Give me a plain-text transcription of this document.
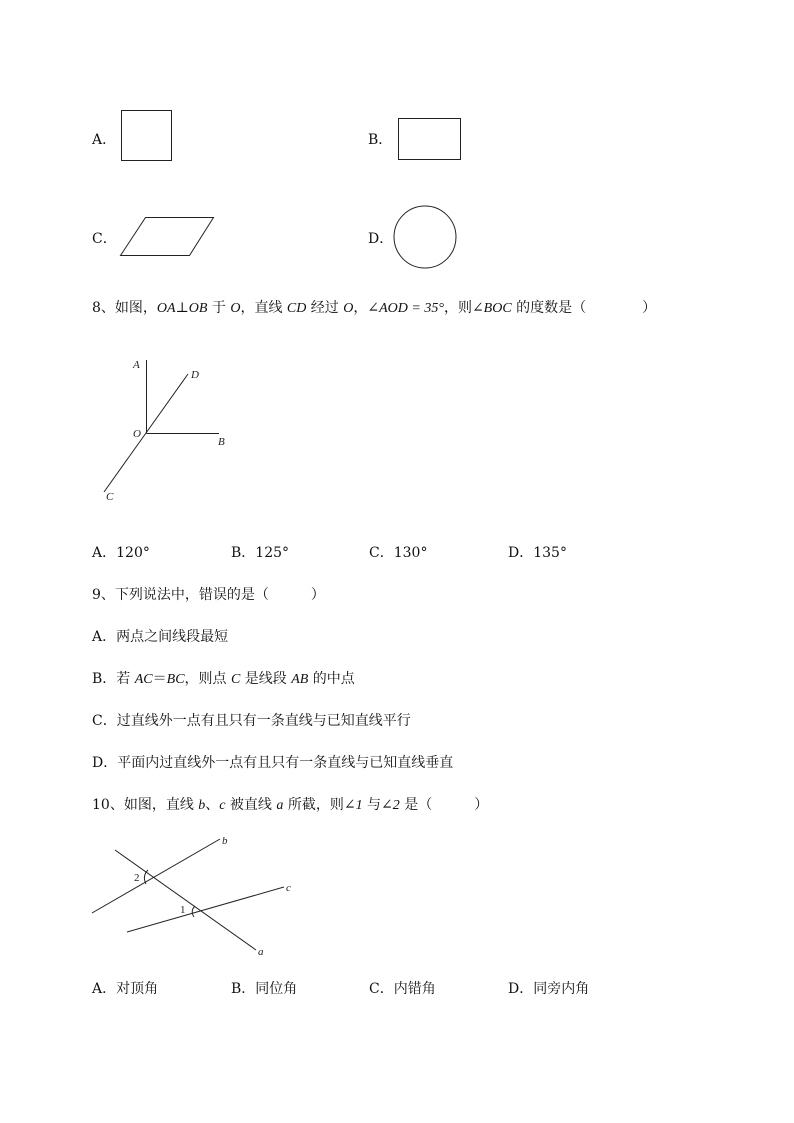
A．	B．
C．	D．
8、如图，OA⊥OB 于 O，直线 CD 经过 O，∠AOD = 35°，则∠BOC 的度数是（　　　　）
A
D
O
B
C
A．120°	B．125°	C．130°	D．135°
9、下列说法中，错误的是（　　　）
A．两点之间线段最短
B．若 AC＝BC，则点 C 是线段 AB 的中点
C．过直线外一点有且只有一条直线与已知直线平行
D．平面内过直线外一点有且只有一条直线与已知直线垂直
10、如图，直线 b、c 被直线 a 所截，则∠1 与∠2 是（　　　）
b
c
a
2
1
A．对顶角	B．同位角	C．内错角	D．同旁内角
